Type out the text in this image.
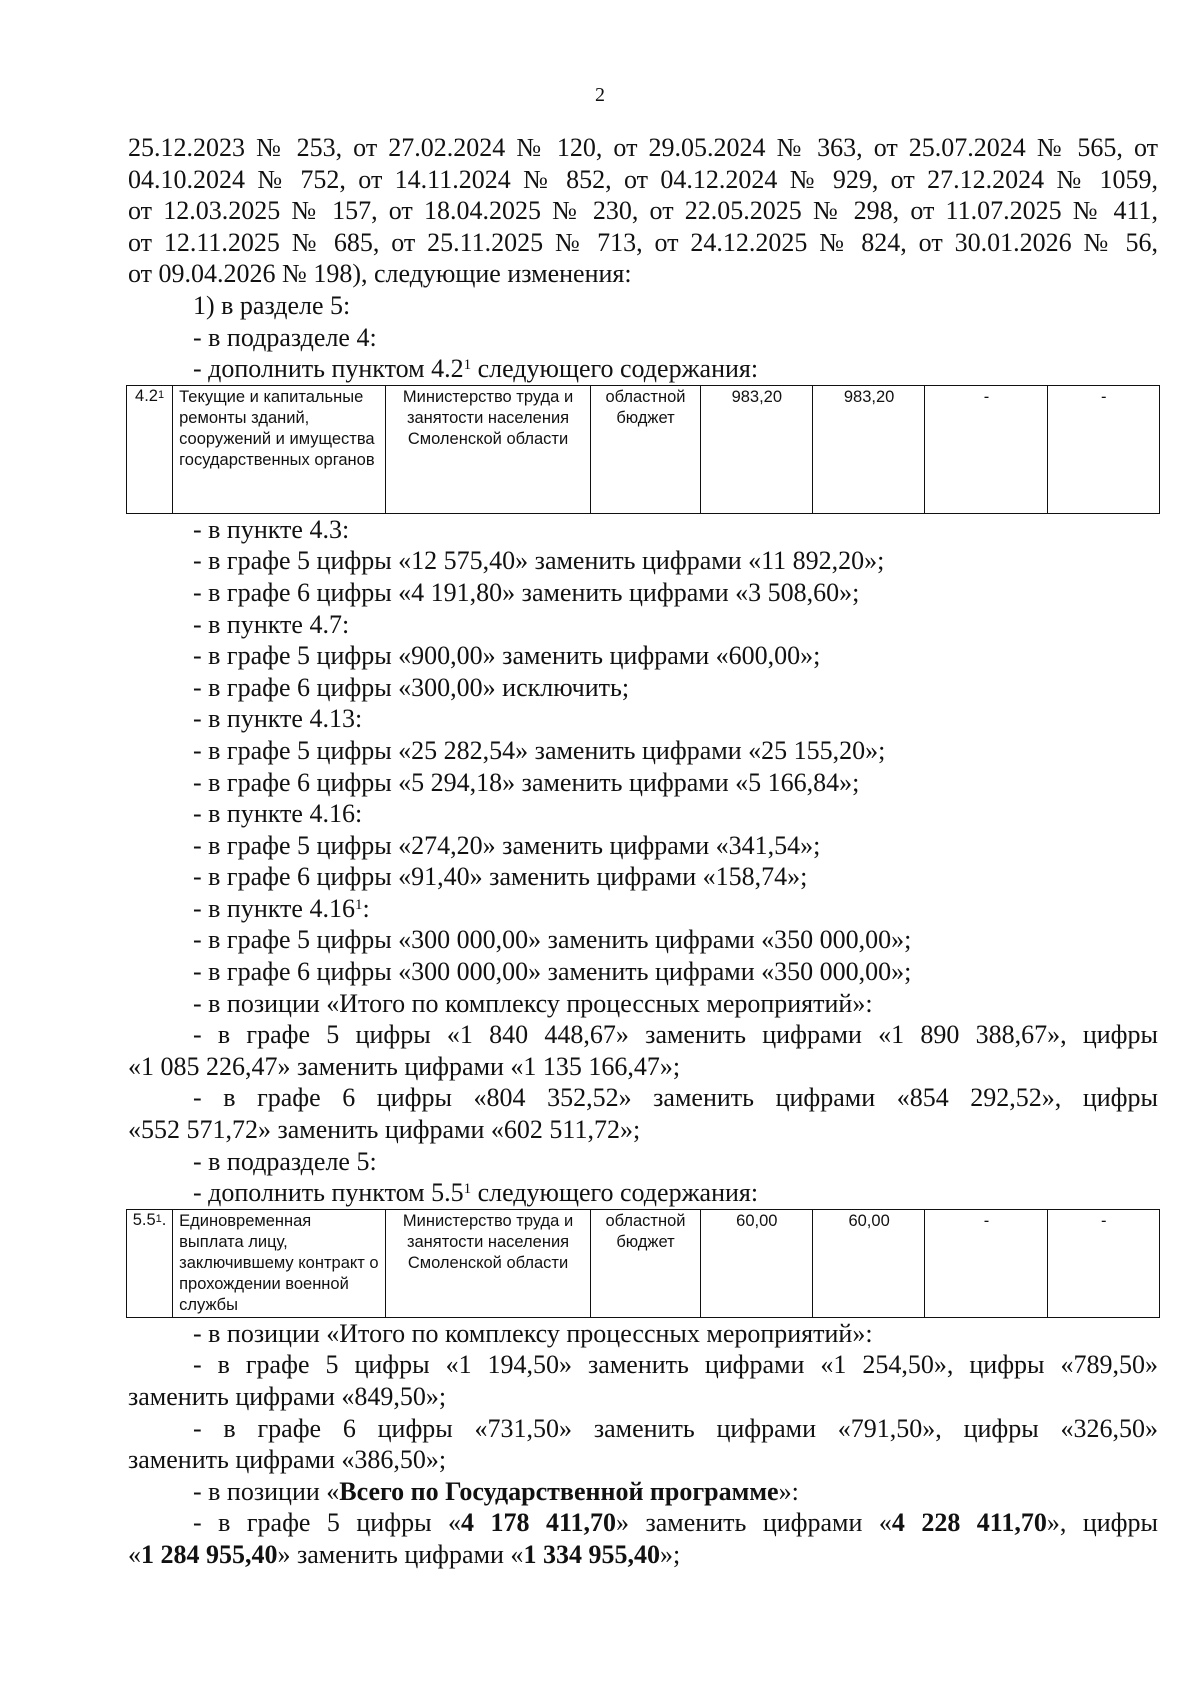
2
25.12.2023 № 253, от 27.02.2024 № 120, от 29.05.2024 № 363, от 25.07.2024 № 565, от
04.10.2024 № 752, от 14.11.2024 № 852, от 04.12.2024 № 929, от 27.12.2024 № 1059,
от 12.03.2025 № 157, от 18.04.2025 № 230, от 22.05.2025 № 298, от 11.07.2025 № 411,
от 12.11.2025 № 685, от 25.11.2025 № 713, от 24.12.2025 № 824, от 30.01.2026 № 56,
от 09.04.2026 № 198), следующие изменения:
1) в разделе 5:
- в подразделе 4:
- дополнить пунктом $4.2^1$ следующего содержания:
$4.2^1$	Текущие и капитальные ремонты зданий, сооружений и имущества государственных органов	Министерство труда и занятости населения Смоленской области	областной бюджет	983,20	983,20	-	-
- в пункте 4.3:
- в графе 5 цифры «12 575,40» заменить цифрами «11 892,20»;
- в графе 6 цифры «4 191,80» заменить цифрами «3 508,60»;
- в пункте 4.7:
- в графе 5 цифры «900,00» заменить цифрами «600,00»;
- в графе 6 цифры «300,00» исключить;
- в пункте 4.13:
- в графе 5 цифры «25 282,54» заменить цифрами «25 155,20»;
- в графе 6 цифры «5 294,18» заменить цифрами «5 166,84»;
- в пункте 4.16:
- в графе 5 цифры «274,20» заменить цифрами «341,54»;
- в графе 6 цифры «91,40» заменить цифрами «158,74»;
- в пункте 4.16$^1$:
- в графе 5 цифры «300 000,00» заменить цифрами «350 000,00»;
- в графе 6 цифры «300 000,00» заменить цифрами «350 000,00»;
- в позиции «Итого по комплексу процессных мероприятий»:
- в графе 5 цифры «1 840 448,67» заменить цифрами «1 890 388,67», цифры
«1 085 226,47» заменить цифрами «1 135 166,47»;
- в графе 6 цифры «804 352,52» заменить цифрами «854 292,52», цифры
«552 571,72» заменить цифрами «602 511,72»;
- в подразделе 5:
- дополнить пунктом $5.5^1$ следующего содержания:
$5.5^1$.	Единовременная выплата лицу, заключившему контракт о прохождении военной службы	Министерство труда и занятости населения Смоленской области	областной бюджет	60,00	60,00	-	-
- в позиции «Итого по комплексу процессных мероприятий»:
- в графе 5 цифры «1 194,50» заменить цифрами «1 254,50», цифры «789,50»
заменить цифрами «849,50»;
- в графе 6 цифры «731,50» заменить цифрами «791,50», цифры «326,50»
заменить цифрами «386,50»;
- в позиции «Всего по Государственной программе»:
- в графе 5 цифры «4 178 411,70» заменить цифрами «4 228 411,70», цифры
«1 284 955,40» заменить цифрами «1 334 955,40»;
